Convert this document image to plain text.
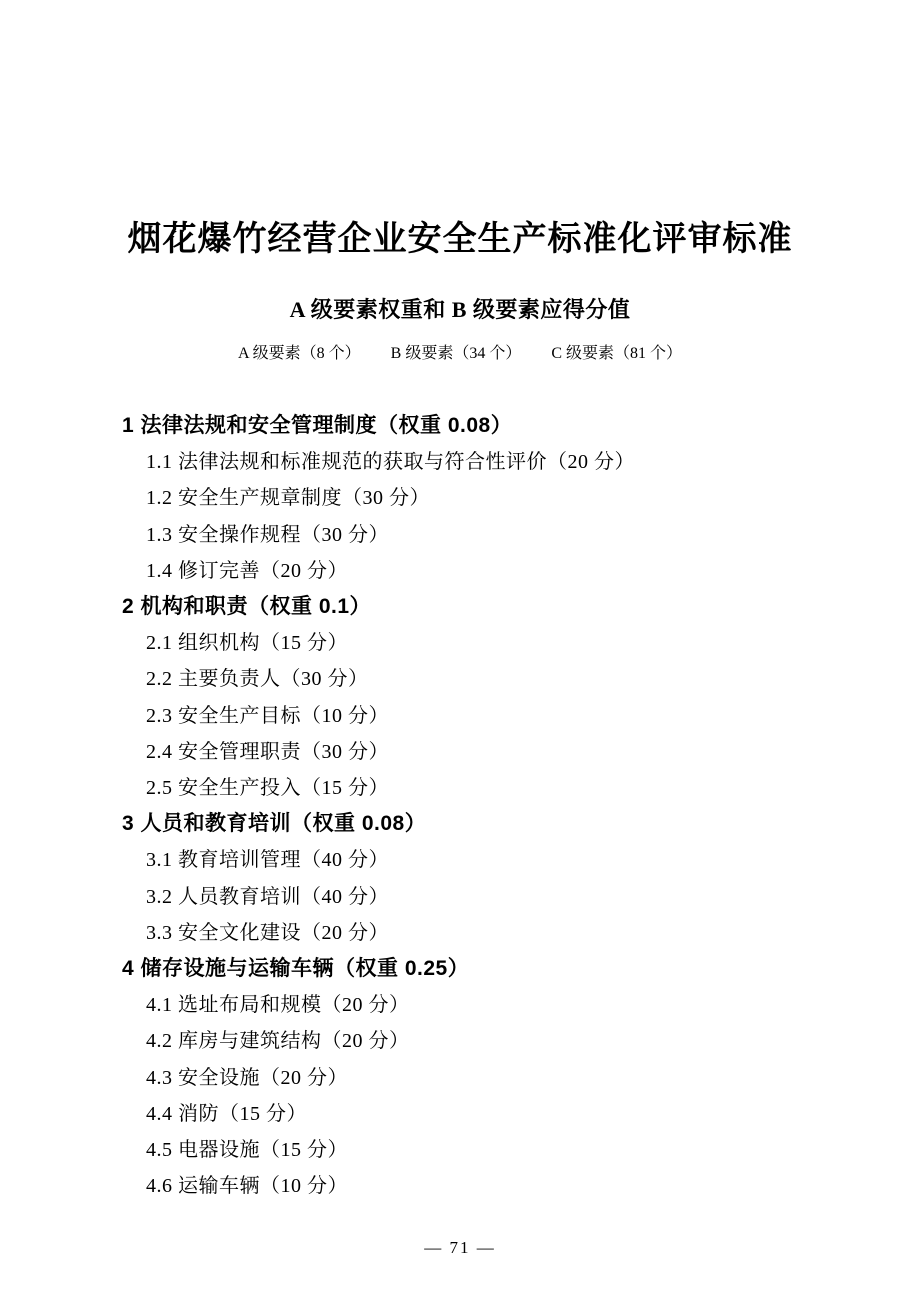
烟花爆竹经营企业安全生产标准化评审标准
A 级要素权重和 B 级要素应得分值
A 级要素（8 个） B 级要素（34 个） C 级要素（81 个）
1 法律法规和安全管理制度（权重 0.08）
1.1 法律法规和标准规范的获取与符合性评价（20 分）
1.2 安全生产规章制度（30 分）
1.3 安全操作规程（30 分）
1.4 修订完善（20 分）
2 机构和职责（权重 0.1）
2.1 组织机构（15 分）
2.2 主要负责人（30 分）
2.3 安全生产目标（10 分）
2.4 安全管理职责（30 分）
2.5 安全生产投入（15 分）
3 人员和教育培训（权重 0.08）
3.1 教育培训管理（40 分）
3.2 人员教育培训（40 分）
3.3 安全文化建设（20 分）
4 储存设施与运输车辆（权重 0.25）
4.1 选址布局和规模（20 分）
4.2 库房与建筑结构（20 分）
4.3 安全设施（20 分）
4.4 消防（15 分）
4.5 电器设施（15 分）
4.6 运输车辆（10 分）
— 71 —
